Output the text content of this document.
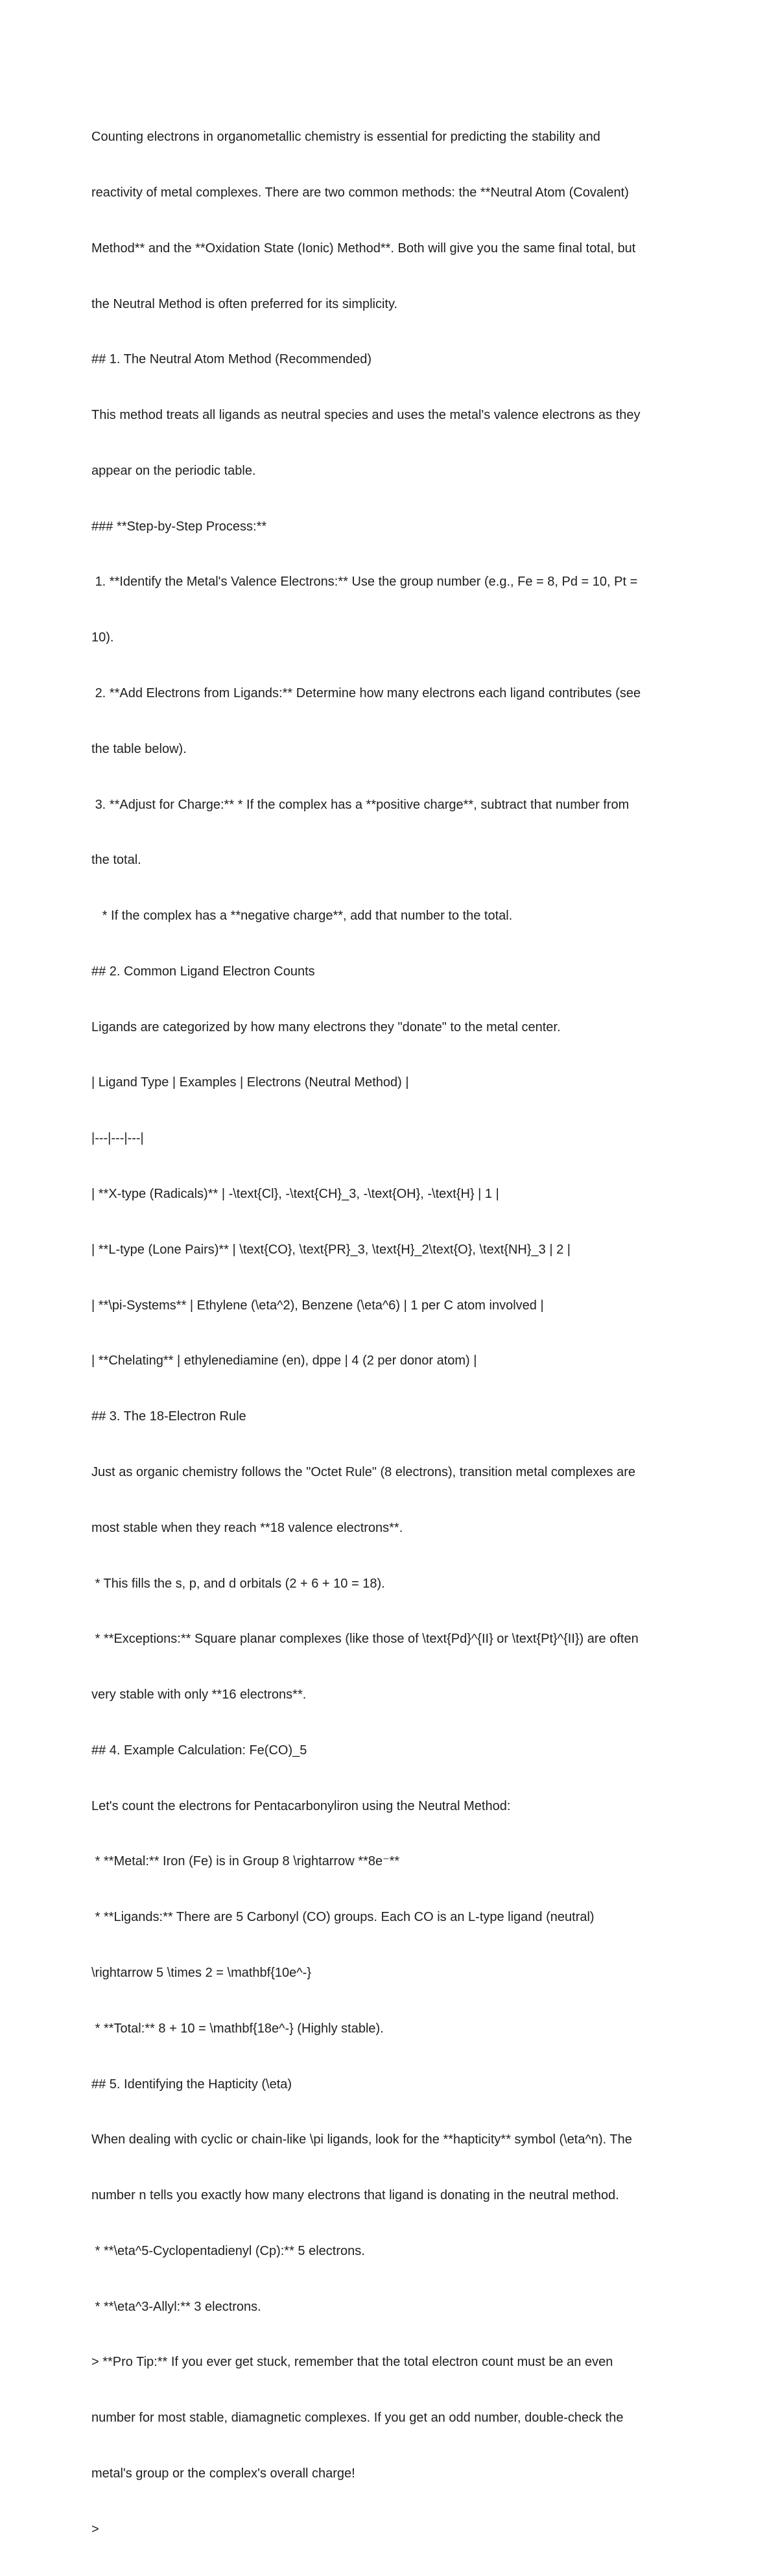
Counting electrons in organometallic chemistry is essential for predicting the stability and

reactivity of metal complexes. There are two common methods: the **Neutral Atom (Covalent)

Method** and the **Oxidation State (Ionic) Method**. Both will give you the same final total, but

the Neutral Method is often preferred for its simplicity.

## 1. The Neutral Atom Method (Recommended)

This method treats all ligands as neutral species and uses the metal's valence electrons as they

appear on the periodic table.

### **Step-by-Step Process:**

1. **Identify the Metal's Valence Electrons:** Use the group number (e.g., Fe = 8, Pd = 10, Pt =

10).

2. **Add Electrons from Ligands:** Determine how many electrons each ligand contributes (see

the table below).

3. **Adjust for Charge:** * If the complex has a **positive charge**, subtract that number from

the total.

* If the complex has a **negative charge**, add that number to the total.

## 2. Common Ligand Electron Counts

Ligands are categorized by how many electrons they "donate" to the metal center.

| Ligand Type | Examples | Electrons (Neutral Method) |

|---|---|---|

| **X-type (Radicals)** | -\text{Cl}, -\text{CH}_3, -\text{OH}, -\text{H} | 1 |

| **L-type (Lone Pairs)** | \text{CO}, \text{PR}_3, \text{H}_2\text{O}, \text{NH}_3 | 2 |

| **\pi-Systems** | Ethylene (\eta^2), Benzene (\eta^6) | 1 per C atom involved |

| **Chelating** | ethylenediamine (en), dppe | 4 (2 per donor atom) |

## 3. The 18-Electron Rule

Just as organic chemistry follows the "Octet Rule" (8 electrons), transition metal complexes are

most stable when they reach **18 valence electrons**.

* This fills the s, p, and d orbitals (2 + 6 + 10 = 18).

* **Exceptions:** Square planar complexes (like those of \text{Pd}^{II} or \text{Pt}^{II}) are often

very stable with only **16 electrons**.

## 4. Example Calculation: Fe(CO)_5

Let's count the electrons for Pentacarbonyliron using the Neutral Method:

* **Metal:** Iron (Fe) is in Group 8 \rightarrow **8e⁻**

* **Ligands:** There are 5 Carbonyl (CO) groups. Each CO is an L-type ligand (neutral)

\rightarrow 5 \times 2 = \mathbf{10e^-}

* **Total:** 8 + 10 = \mathbf{18e^-} (Highly stable).

## 5. Identifying the Hapticity (\eta)

When dealing with cyclic or chain-like \pi ligands, look for the **hapticity** symbol (\eta^n). The

number n tells you exactly how many electrons that ligand is donating in the neutral method.

* **\eta^5-Cyclopentadienyl (Cp):** 5 electrons.

* **\eta^3-Allyl:** 3 electrons.

> **Pro Tip:** If you ever get stuck, remember that the total electron count must be an even

number for most stable, diamagnetic complexes. If you get an odd number, double-check the

metal's group or the complex's overall charge!

>
